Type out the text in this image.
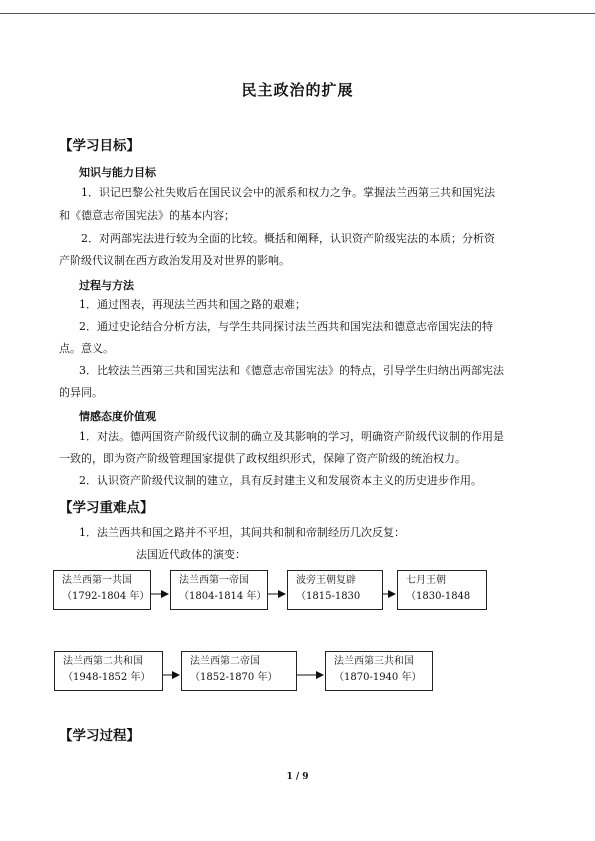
民主政治的扩展
【学习目标】
知识与能力目标
1．识记巴黎公社失败后在国民议会中的派系和权力之争。掌握法兰西第三共和国宪法
和《德意志帝国宪法》的基本内容；
2．对两部宪法进行较为全面的比较。概括和阐释，认识资产阶级宪法的本质；分析资
产阶级代议制在西方政治发用及对世界的影响。
过程与方法
1．通过图表，再现法兰西共和国之路的艰难；
2．通过史论结合分析方法，与学生共同探讨法兰西共和国宪法和德意志帝国宪法的特
点。意义。
3．比较法兰西第三共和国宪法和《德意志帝国宪法》的特点，引导学生归纳出两部宪法
的异同。
情感态度价值观
1．对法。德两国资产阶级代议制的确立及其影响的学习，明确资产阶级代议制的作用是
一致的，即为资产阶级管理国家提供了政权组织形式，保障了资产阶级的统治权力。
2．认识资产阶级代议制的建立，具有反封建主义和发展资本主义的历史进步作用。
【学习重难点】
1．法兰西共和国之路并不平坦，其间共和制和帝制经历几次反复：
法国近代政体的演变：
法兰西第一共国
（1792-1804 年）
法兰西第一帝国
（1804-1814 年）
波旁王朝复辟
（1815-1830
七月王朝
（1830-1848
法兰西第二共和国
（1948-1852 年）
法兰西第二帝国
（1852-1870 年）
法兰西第三共和国
（1870-1940 年）
【学习过程】
1 / 9
